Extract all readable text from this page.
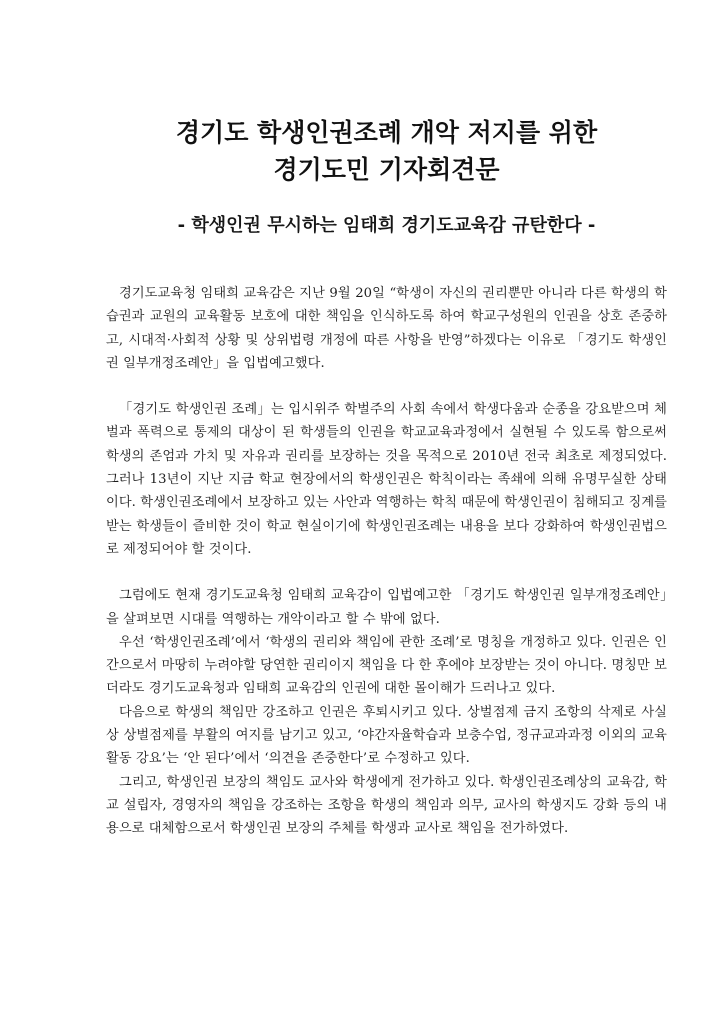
경기도 학생인권조례 개악 저지를 위한
경기도민 기자회견문
- 학생인권 무시하는 임태희 경기도교육감 규탄한다 -

경기도교육청 임태희 교육감은 지난 9월 20일 “학생이 자신의 권리뿐만 아니라 다른 학생의 학습권과 교원의 교육활동 보호에 대한 책임을 인식하도록 하여 학교구성원의 인권을 상호 존중하고, 시대적·사회적 상황 및 상위법령 개정에 따른 사항을 반영”하겠다는 이유로 「경기도 학생인권 일부개정조례안」을 입법예고했다.

「경기도 학생인권 조례」는 입시위주 학벌주의 사회 속에서 학생다움과 순종을 강요받으며 체벌과 폭력으로 통제의 대상이 된 학생들의 인권을 학교교육과정에서 실현될 수 있도록 함으로써 학생의 존엄과 가치 및 자유과 권리를 보장하는 것을 목적으로 2010년 전국 최초로 제정되었다. 그러나 13년이 지난 지금 학교 현장에서의 학생인권은 학칙이라는 족쇄에 의해 유명무실한 상태이다. 학생인권조례에서 보장하고 있는 사안과 역행하는 학칙 때문에 학생인권이 침해되고 징계를 받는 학생들이 즐비한 것이 학교 현실이기에 학생인권조례는 내용을 보다 강화하여 학생인권법으로 제정되어야 할 것이다.

그럼에도 현재 경기도교육청 임태희 교육감이 입법예고한 「경기도 학생인권 일부개정조례안」을 살펴보면 시대를 역행하는 개악이라고 할 수 밖에 없다.

우선 ‘학생인권조례’에서 ‘학생의 권리와 책임에 관한 조례’로 명칭을 개정하고 있다. 인권은 인간으로서 마땅히 누려야할 당연한 권리이지 책임을 다 한 후에야 보장받는 것이 아니다. 명칭만 보더라도 경기도교육청과 임태희 교육감의 인권에 대한 몰이해가 드러나고 있다.

다음으로 학생의 책임만 강조하고 인권은 후퇴시키고 있다. 상벌점제 금지 조항의 삭제로 사실상 상벌점제를 부활의 여지를 남기고 있고, ‘야간자율학습과 보충수업, 정규교과과정 이외의 교육활동 강요’는 ‘안 된다’에서 ‘의견을 존중한다’로 수정하고 있다.

그리고, 학생인권 보장의 책임도 교사와 학생에게 전가하고 있다. 학생인권조례상의 교육감, 학교 설립자, 경영자의 책임을 강조하는 조항을 학생의 책임과 의무, 교사의 학생지도 강화 등의 내용으로 대체함으로서 학생인권 보장의 주체를 학생과 교사로 책임을 전가하였다.
